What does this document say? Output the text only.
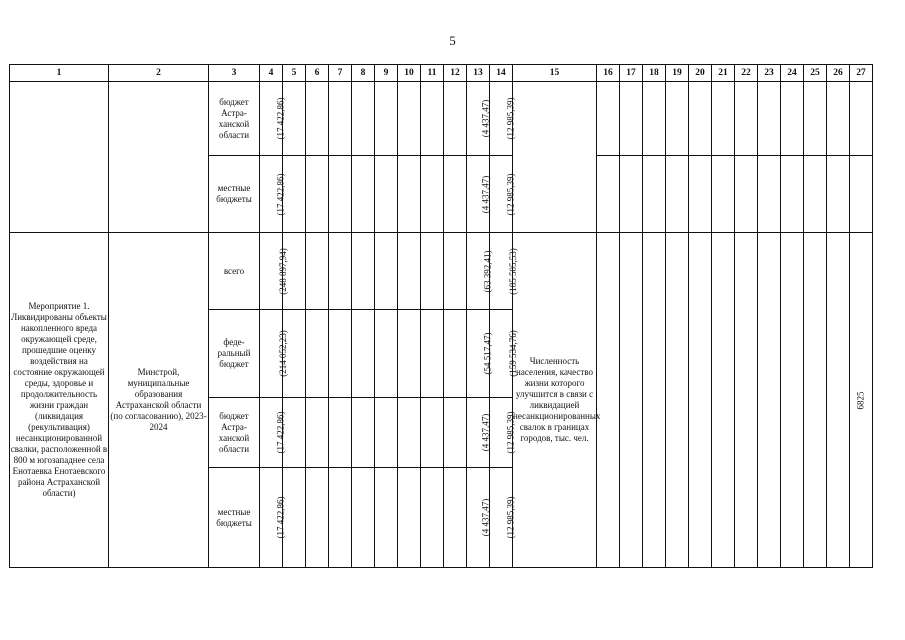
5
1	2	3	4	5	6	7	8	9	10	11	12	13	14	15	16	17	18	19	20	21	22	23	24	25	26	27
		бюджет Астра-ханской области	(17 422,86)									(4 437,47)	(12 985,39)													
		местные бюджеты	(17 422,86)									(4 437,47)	(12 985,39)													
Мероприятие 1. Ликвидированы объекты накопленного вреда окружающей среде, прошедшие оценку воздействия на состояние окружающей среды, здоровье и продолжительность жизни граждан (ликвидация (рекультивация) несанкционированной свалки, расположенной в 800 м югозападнее села Енотаевка Енотаевского района Астраханской области)	Минстрой, муниципальные образования Астраханской области (по согласованию), 2023-2024	всего	(248 897,94)									(63 392,41)	(185 505,53)	Численность населения, качество жизни которого улучшится в связи с ликвидацией несанкционированных свалок в границах городов, тыс. чел.												6825
		феде-ральный бюджет	(214 052,23)									(54 517,47)	(159 534,76)													
		бюджет Астра-ханской области	(17 422,86)									(4 437,47)	(12 985,39)													
		местные бюджеты	(17 422,86)									(4 437,47)	(12 985,39)													
